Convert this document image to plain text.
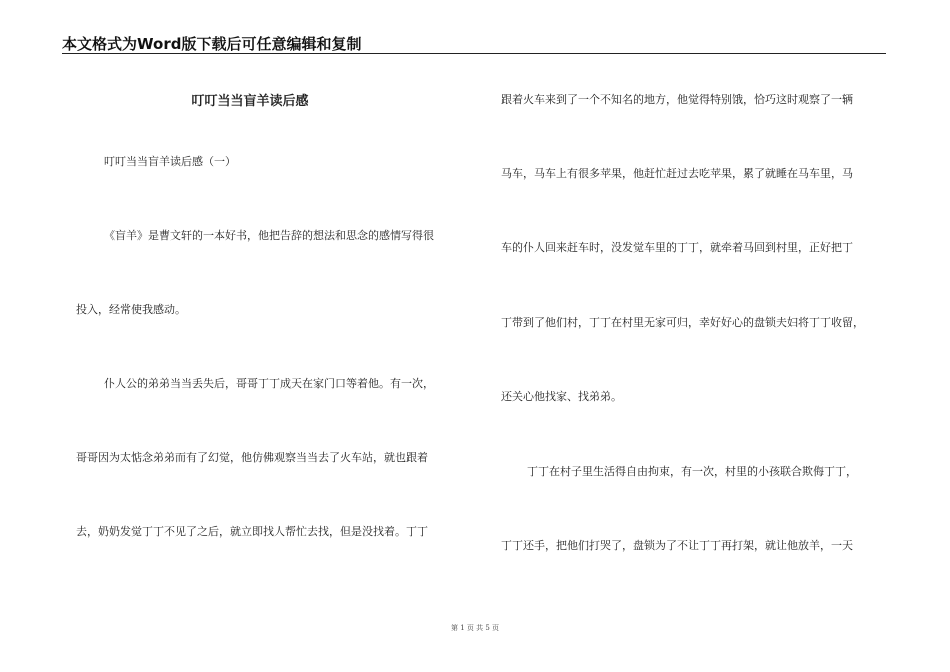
本文格式为Word版下载后可任意编辑和复制
叮叮当当盲羊读后感
叮叮当当盲羊读后感（一）
《盲羊》是曹文轩的一本好书，他把告辞的想法和思念的感情写得很
投入，经常使我感动。
仆人公的弟弟当当丢失后，哥哥丁丁成天在家门口等着他。有一次，
哥哥因为太惦念弟弟而有了幻觉，他仿佛观察当当去了火车站，就也跟着
去，奶奶发觉丁丁不见了之后，就立即找人帮忙去找，但是没找着。丁丁
跟着火车来到了一个不知名的地方，他觉得特别饿，恰巧这时观察了一辆
马车，马车上有很多苹果，他赶忙赶过去吃苹果，累了就睡在马车里，马
车的仆人回来赶车时，没发觉车里的丁丁，就牵着马回到村里，正好把丁
丁带到了他们村，丁丁在村里无家可归，幸好好心的盘锁夫妇将丁丁收留，
还关心他找家、找弟弟。
丁丁在村子里生活得自由拘束，有一次，村里的小孩联合欺侮丁丁，
丁丁还手，把他们打哭了，盘锁为了不让丁丁再打架，就让他放羊，一天
第 1 页 共 5 页
